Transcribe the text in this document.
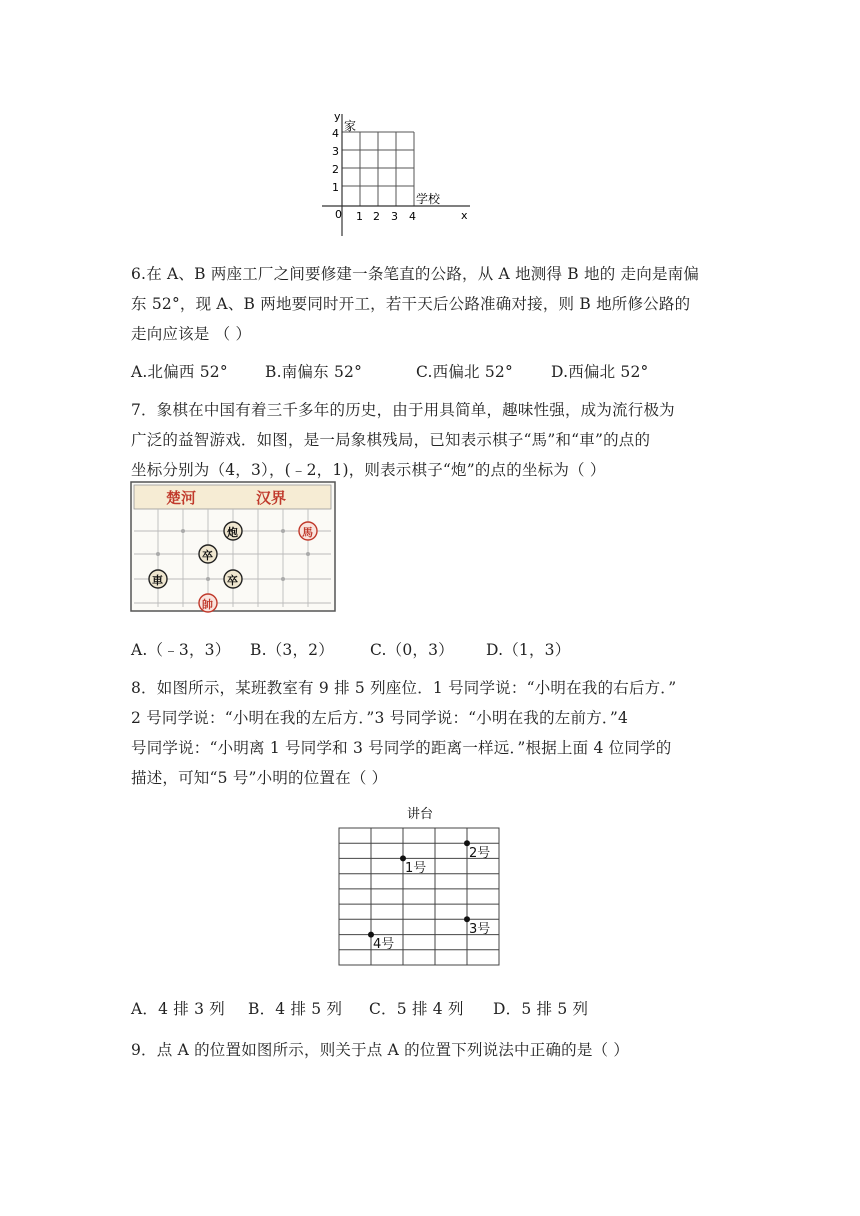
y
x
0
家
学校
4
3
2
1
1 2 3 4
6.在 A、B 两座工厂之间要修建一条笔直的公路，从 A 地测得 B 地的 走向是南偏
东 52°，现 A、B 两地要同时开工，若干天后公路准确对接，则 B 地所修公路的
走向应该是 （ ）
A.北偏西 52° B.南偏东 52°	C.西偏北 52° D.西偏北 52°
7．象棋在中国有着三千多年的历史，由于用具简单，趣味性强，成为流行极为
广泛的益智游戏．如图，是一局象棋残局，已知表示棋子“馬”和“車”的点的
坐标分别为（4，3），(﹣2，1)，则表示棋子“炮”的点的坐标为（ ）
楚河	汉界
炮	馬
卒
車	卒
帥
A.（﹣3，3） B.（3，2） C.（0，3） D.（1，3）
8．如图所示，某班教室有 9 排 5 列座位．1 号同学说：“小明在我的右后方．”
2 号同学说：“小明在我的左后方．”3 号同学说：“小明在我的左前方．”4
号同学说：“小明离 1 号同学和 3 号同学的距离一样远．”根据上面 4 位同学的
描述，可知“5 号”小明的位置在（ ）
讲台
1号
2号
3号
4号
A．4 排 3 列 B．4 排 5 列 C．5 排 4 列 D．5 排 5 列
9．点 A 的位置如图所示，则关于点 A 的位置下列说法中正确的是（ ）
